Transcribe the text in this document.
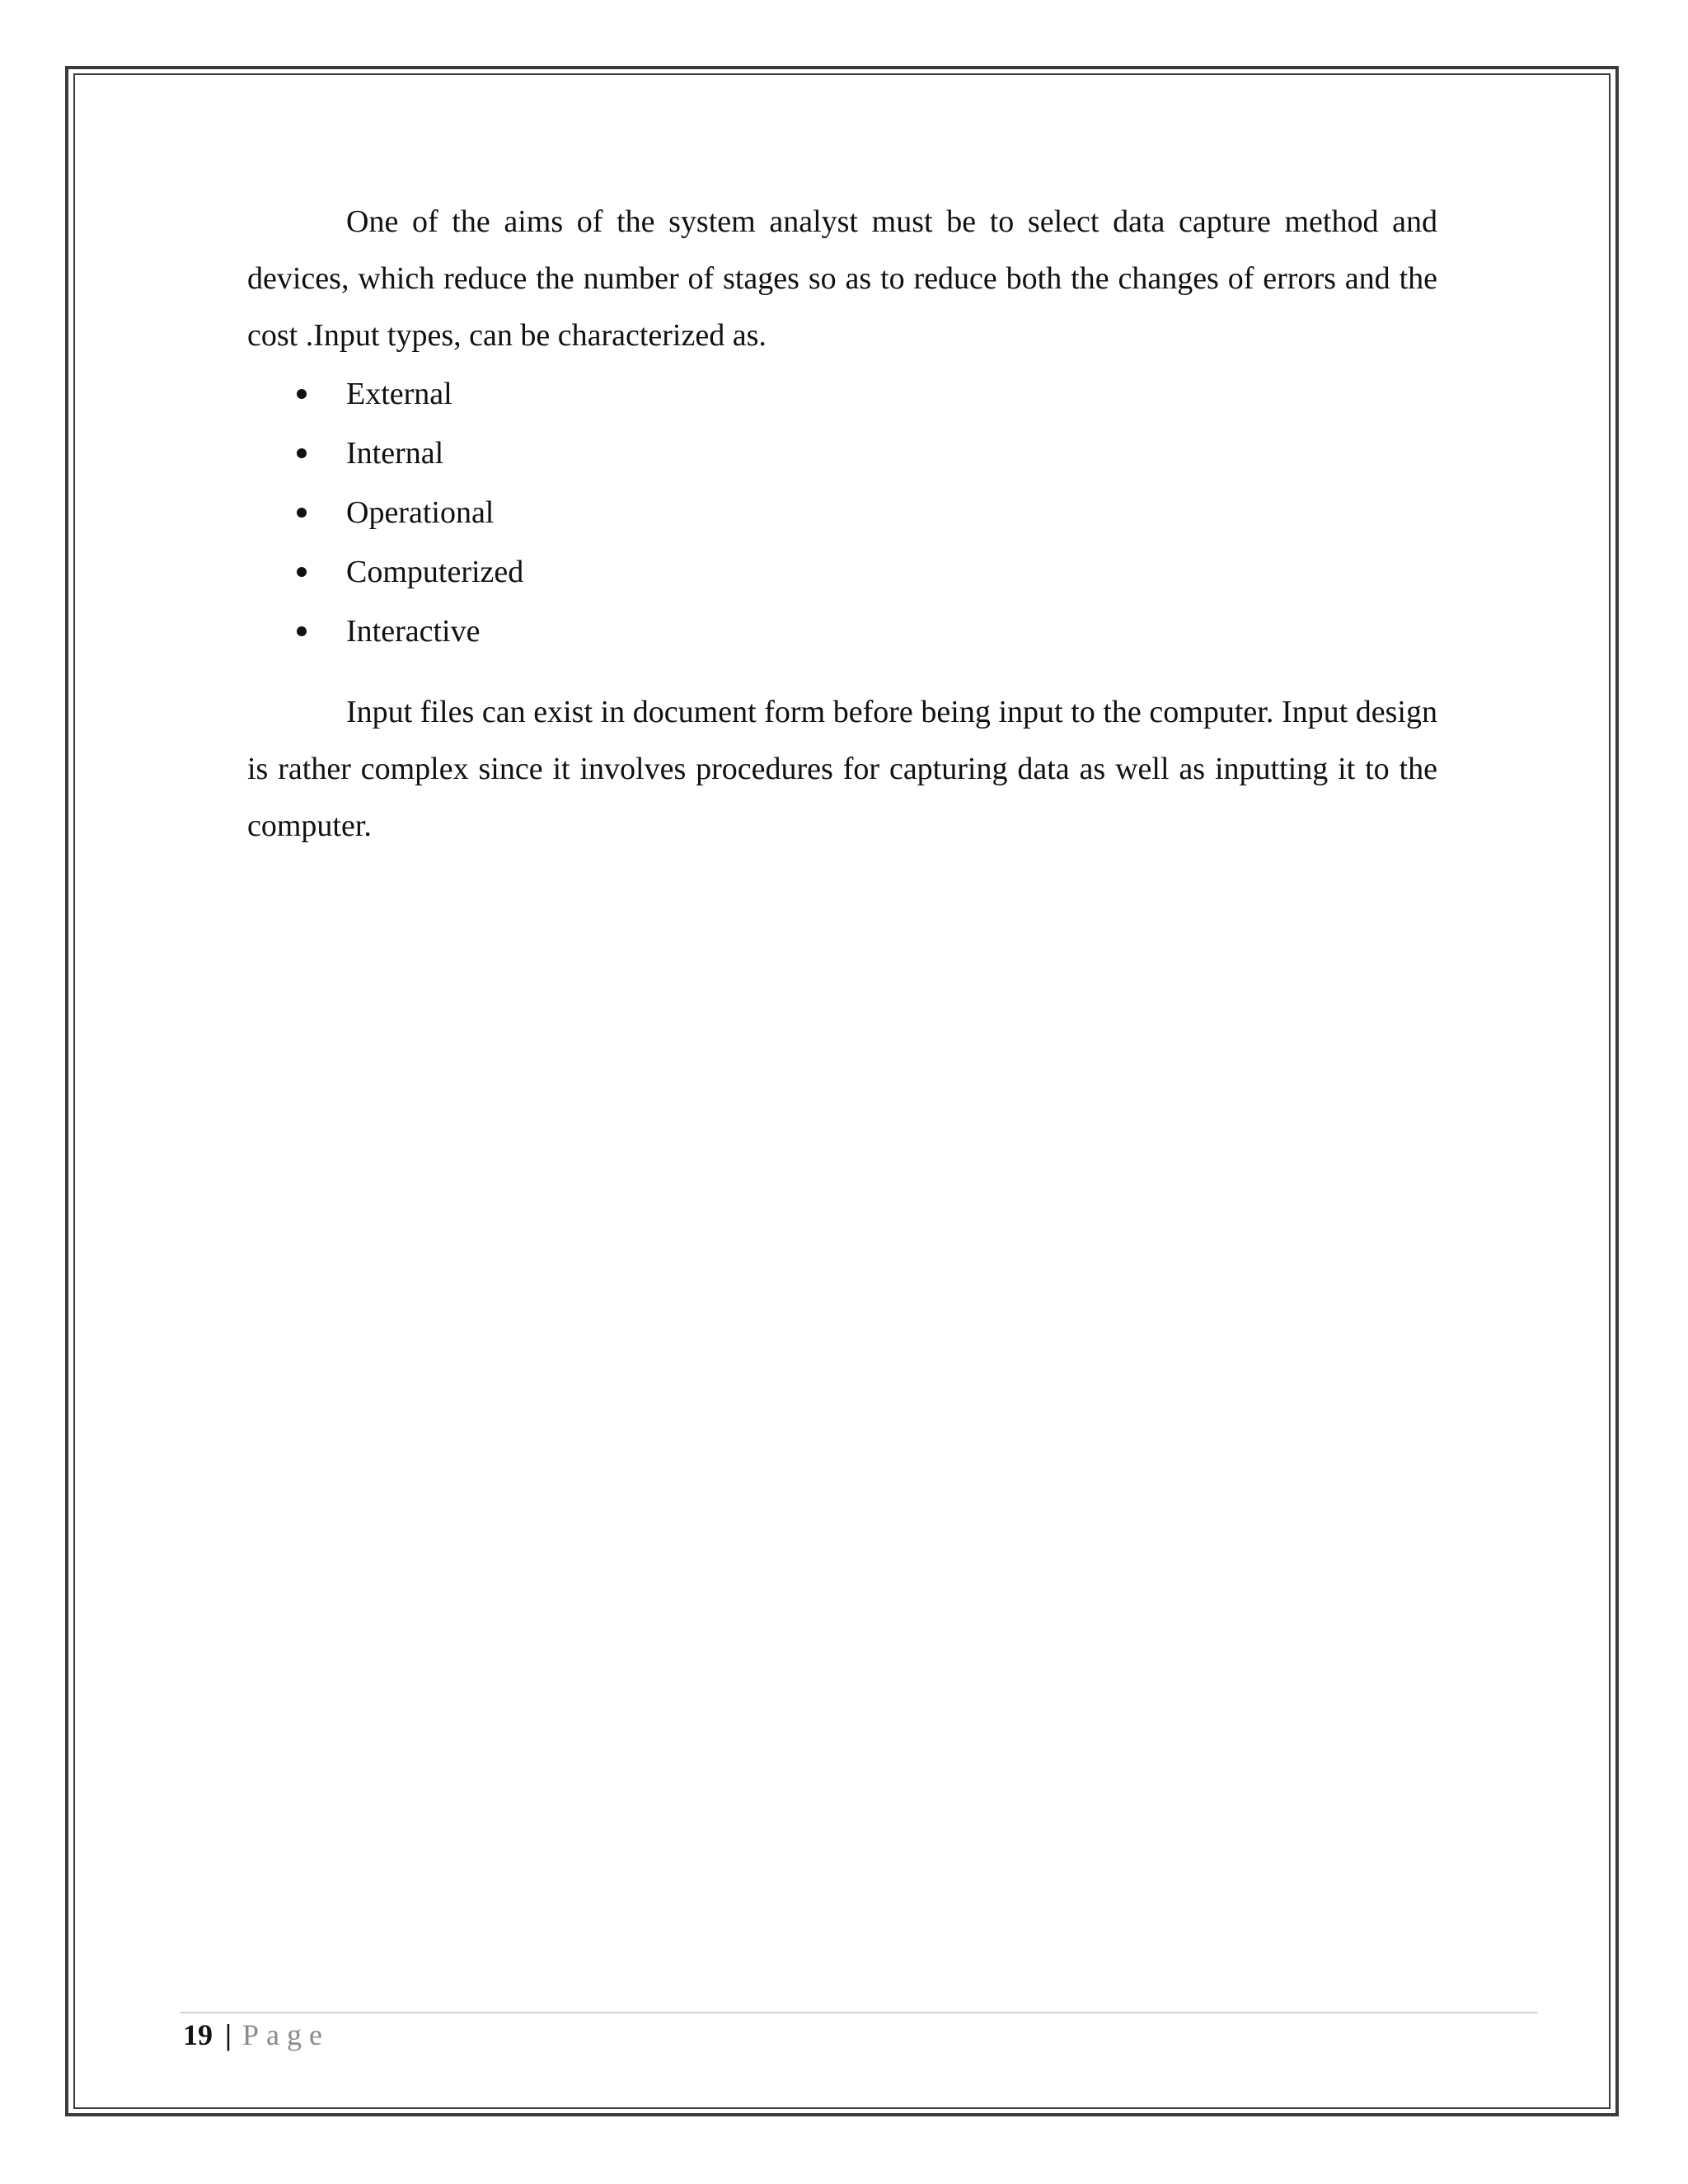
One of the aims of the system analyst must be to select data capture method and devices, which reduce the number of stages so as to reduce both the changes of errors and the cost .Input types, can be characterized as.

External
Internal
Operational
Computerized
Interactive

Input files can exist in document form before being input to the computer. Input design is rather complex since it involves procedures for capturing data as well as inputting it to the computer.

19 | Page
